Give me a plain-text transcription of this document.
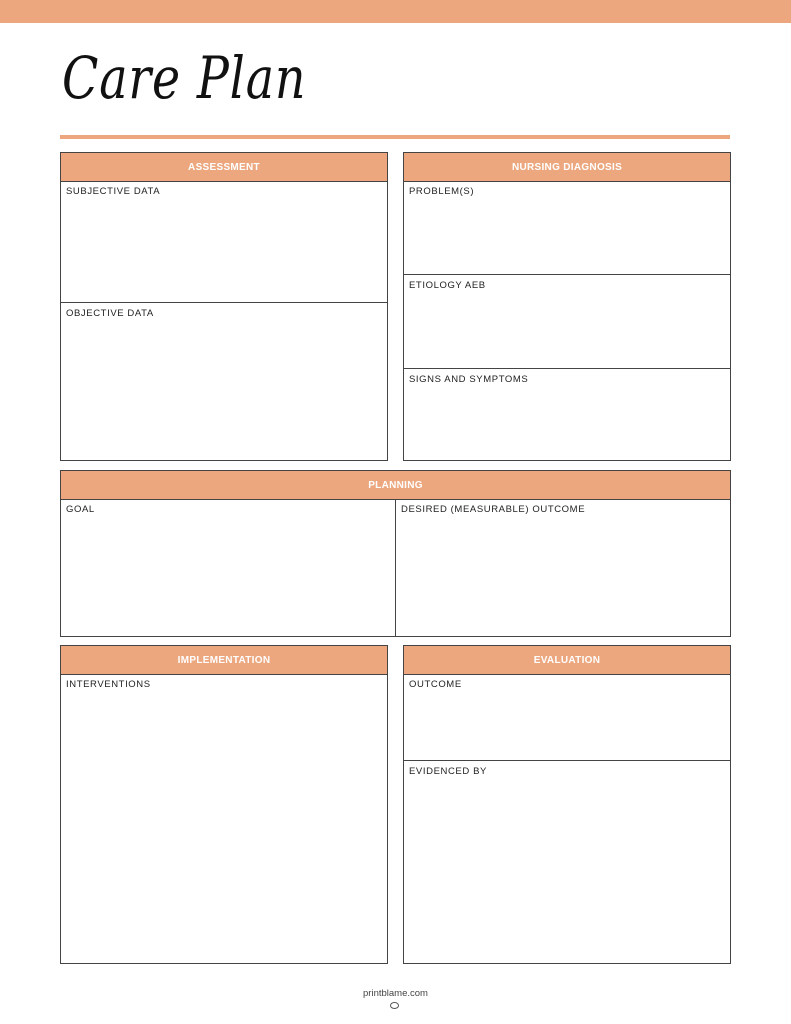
Care Plan
ASSESSMENT
SUBJECTIVE DATA
OBJECTIVE DATA
NURSING DIAGNOSIS
PROBLEM(S)
ETIOLOGY AEB
SIGNS AND SYMPTOMS
PLANNING
GOAL	DESIRED (MEASURABLE) OUTCOME
IMPLEMENTATION
INTERVENTIONS
EVALUATION
OUTCOME
EVIDENCED BY
printblame.com
